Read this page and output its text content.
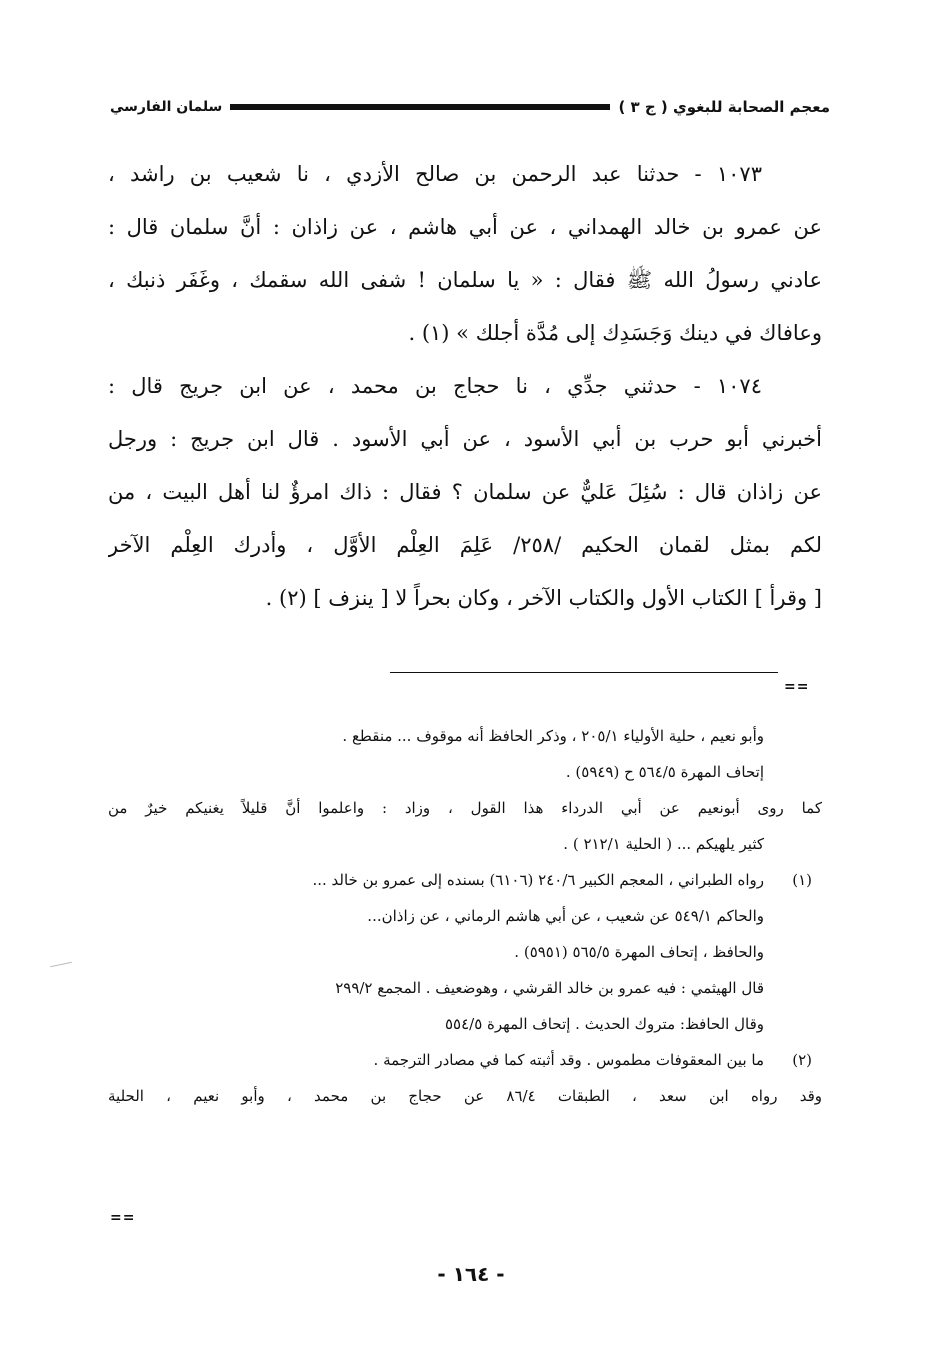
معجم الصحابة للبغوي ( ج ٣ )
سلمان الفارسي
١٠٧٣ - حدثنا عبد الرحمن بن صالح الأزدي ، نا شعيب بن راشد ،
عن عمرو بن خالد الهمداني ، عن أبي هاشم ، عن زاذان : أنَّ سلمان قال :
عادني رسولُ الله ﷺ فقال : « يا سلمان ! شفى الله سقمك ، وغَفَر ذنبك ،
وعافاك في دينك وَجَسَدِك إلى مُدَّة أجلك » (١) .
١٠٧٤ - حدثني جدِّي ، نا حجاج بن محمد ، عن ابن جريج قال :
أخبرني أبو حرب بن أبي الأسود ، عن أبي الأسود . قال ابن جريج : ورجل
عن زاذان قال : سُئِلَ عَليٌّ عن سلمان ؟ فقال : ذاك امرؤٌ لنا أهل البيت ، من
لكم بمثل لقمان الحكيم /٢٥٨/ عَلِمَ العِلْم الأوَّل ، وأدرك العِلْم الآخر
[ وقرأ ] الكتاب الأول والكتاب الآخر ، وكان بحراً لا [ ينزف ] (٢) .
==
وأبو نعيم ، حلية الأولياء ٢٠٥/١ ، وذكر الحافظ أنه موقوف ... منقطع .
إتحاف المهرة ٥٦٤/٥ ح (٥٩٤٩) .
كما روى أبونعيم عن أبي الدرداء هذا القول ، وزاد : واعلموا أنَّ قليلاً يغنيكم خيرٌ من
كثير يلهيكم ... ( الحلية ٢١٢/١ ) .
(١)رواه الطبراني ، المعجم الكبير ٢٤٠/٦ (٦١٠٦) بسنده إلى عمرو بن خالد ...
والحاكم ٥٤٩/١ عن شعيب ، عن أبي هاشم الرماني ، عن زاذان...
والحافظ ، إتحاف المهرة ٥٦٥/٥ (٥٩٥١) .
قال الهيثمي : فيه عمرو بن خالد القرشي ، وهوضعيف . المجمع ٢٩٩/٢
وقال الحافظ: متروك الحديث . إتحاف المهرة ٥٥٤/٥
(٢)ما بين المعقوفات مطموس . وقد أثبته كما في مصادر الترجمة .
وقد رواه ابن سعد ، الطبقات ٨٦/٤ عن حجاج بن محمد ، وأبو نعيم ، الحلية
==
- ١٦٤ -
